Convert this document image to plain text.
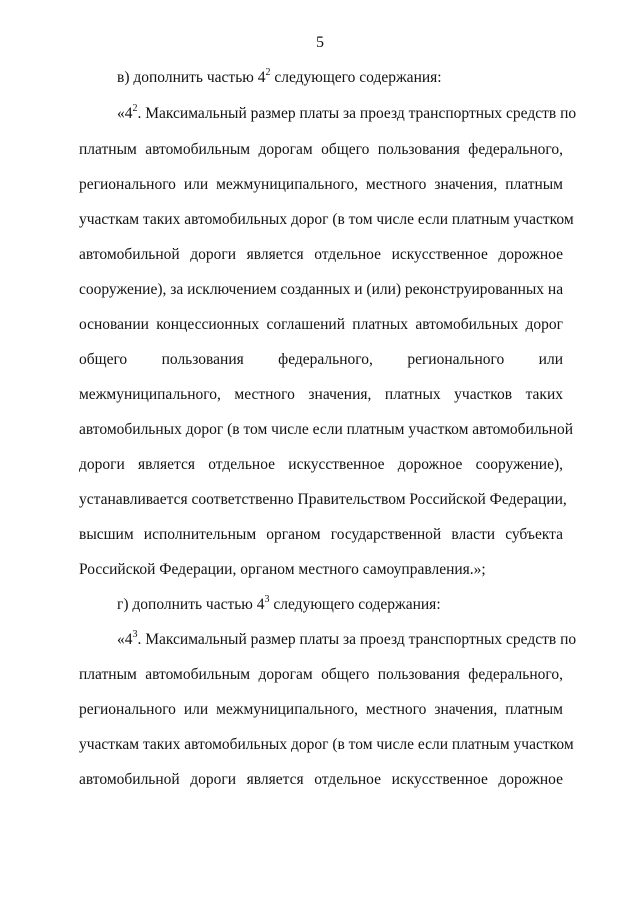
5
в) дополнить частью $4^2$ следующего содержания:
«$4^2$. Максимальный размер платы за проезд транспортных средств по
платным автомобильным дорогам общего пользования федерального,
регионального или межмуниципального, местного значения, платным
участкам таких автомобильных дорог (в том числе если платным участком
автомобильной дороги является отдельное искусственное дорожное
сооружение), за исключением созданных и (или) реконструированных на
основании концессионных соглашений платных автомобильных дорог
общего пользования федерального, регионального или
межмуниципального, местного значения, платных участков таких
автомобильных дорог (в том числе если платным участком автомобильной
дороги является отдельное искусственное дорожное сооружение),
устанавливается соответственно Правительством Российской Федерации,
высшим исполнительным органом государственной власти субъекта
Российской Федерации, органом местного самоуправления.»;
г) дополнить частью $4^3$ следующего содержания:
«$4^3$. Максимальный размер платы за проезд транспортных средств по
платным автомобильным дорогам общего пользования федерального,
регионального или межмуниципального, местного значения, платным
участкам таких автомобильных дорог (в том числе если платным участком
автомобильной дороги является отдельное искусственное дорожное
